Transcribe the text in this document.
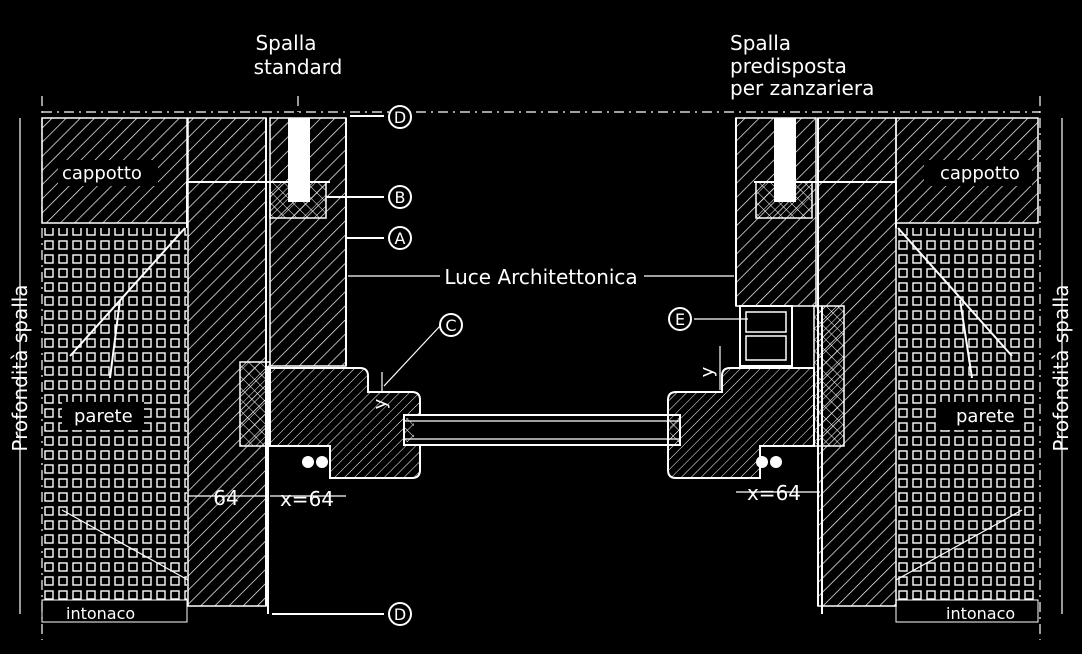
D
B
A
C	E
D
Spalla
standard
Spalla
predisposta
per zanzariera
cappotto	cappotto
parete	parete
intonaco	intonaco
Profondità spalla	Profondità spalla
Luce Architettonica
64 x=64	x=64
y
y
